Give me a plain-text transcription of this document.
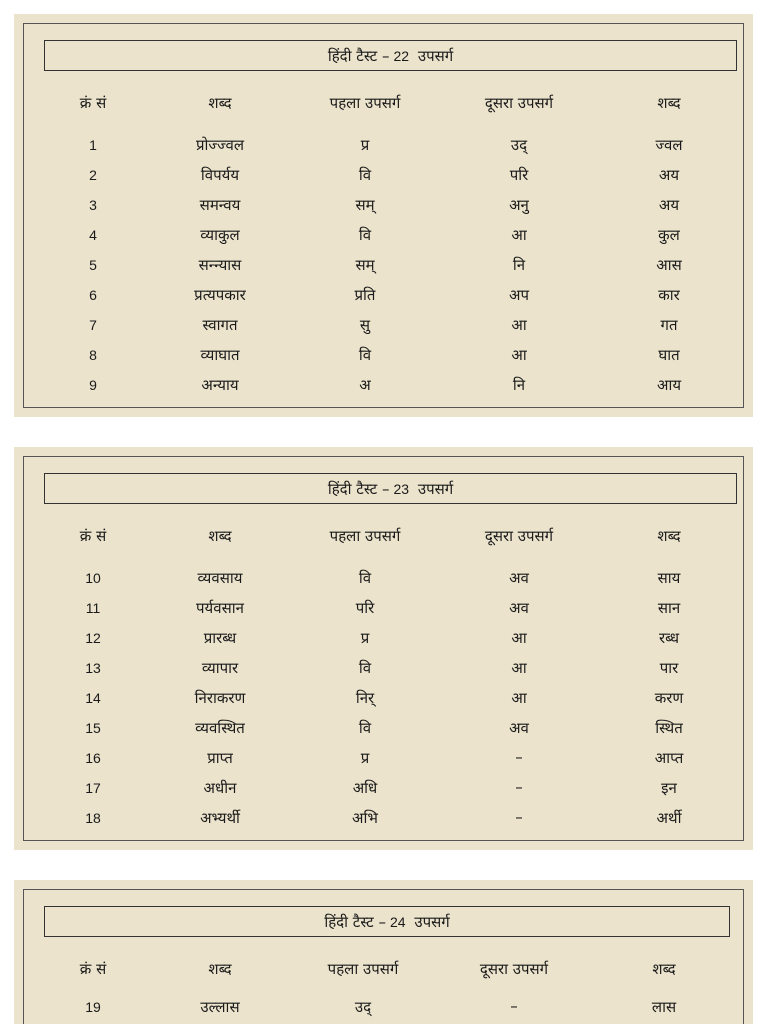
हिंदी टैस्ट – 22 उपसर्ग
क्रं सं	शब्द	पहला उपसर्ग	दूसरा उपसर्ग	शब्द
1	प्रोज्ज्वल	प्र	उद्	ज्वल
2	विपर्यय	वि	परि	अय
3	समन्वय	सम्	अनु	अय
4	व्याकुल	वि	आ	कुल
5	सन्न्यास	सम्	नि	आस
6	प्रत्यपकार	प्रति	अप	कार
7	स्वागत	सु	आ	गत
8	व्याघात	वि	आ	घात
9	अन्याय	अ	नि	आय
हिंदी टैस्ट – 23 उपसर्ग
क्रं सं	शब्द	पहला उपसर्ग	दूसरा उपसर्ग	शब्द
10	व्यवसाय	वि	अव	साय
11	पर्यवसान	परि	अव	सान
12	प्रारब्ध	प्र	आ	रब्ध
13	व्यापार	वि	आ	पार
14	निराकरण	निर्	आ	करण
15	व्यवस्थित	वि	अव	स्थित
16	प्राप्त	प्र	–	आप्त
17	अधीन	अधि	–	इन
18	अभ्यर्थी	अभि	–	अर्थी
हिंदी टैस्ट – 24 उपसर्ग
क्रं सं	शब्द	पहला उपसर्ग	दूसरा उपसर्ग	शब्द
19	उल्लास	उद्	–	लास
